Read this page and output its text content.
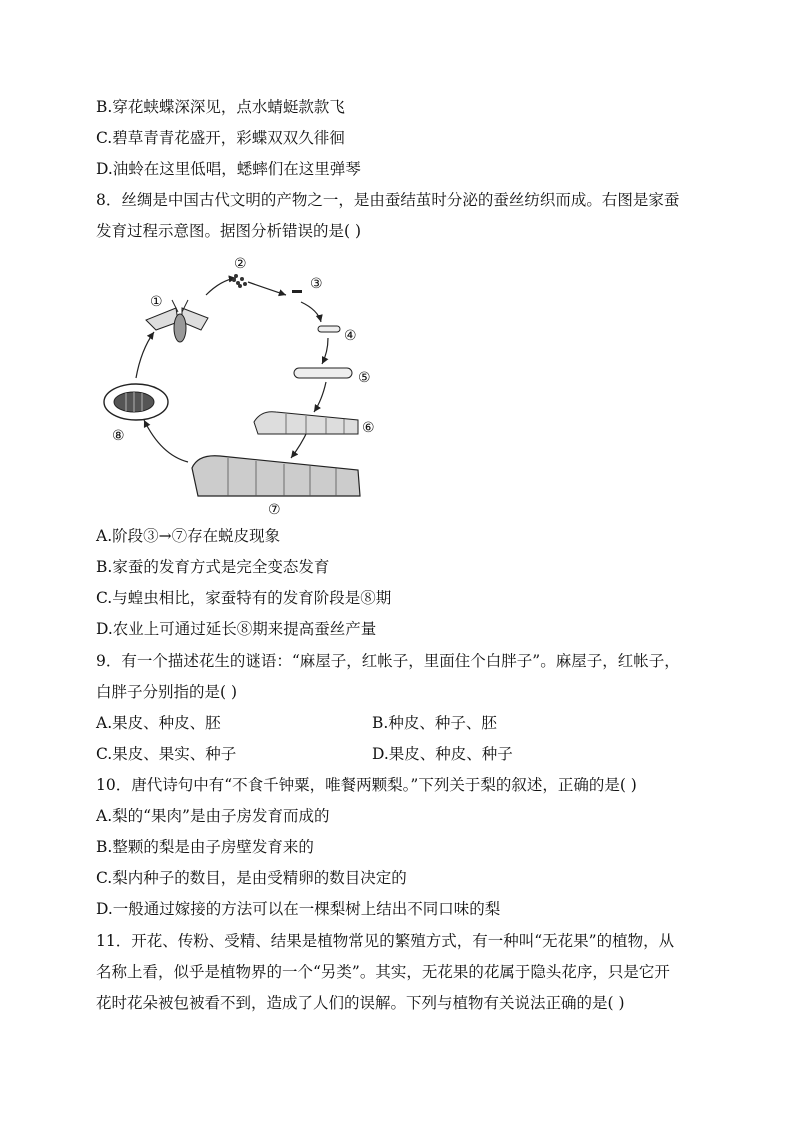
B.穿花蛱蝶深深见，点水蜻蜓款款飞
C.碧草青青花盛开，彩蝶双双久徘徊
D.油蛉在这里低唱，蟋蟀们在这里弹琴
8．丝绸是中国古代文明的产物之一，是由蚕结茧时分泌的蚕丝纺织而成。右图是家蚕
发育过程示意图。据图分析错误的是( )
①
②
③
④
⑤
⑥
⑦
⑧
A.阶段③→⑦存在蜕皮现象
B.家蚕的发育方式是完全变态发育
C.与蝗虫相比，家蚕特有的发育阶段是⑧期
D.农业上可通过延长⑧期来提高蚕丝产量
9．有一个描述花生的谜语：“麻屋子，红帐子，里面住个白胖子”。麻屋子，红帐子，
白胖子分别指的是( )
A.果皮、种皮、胚	B.种皮、种子、胚
C.果皮、果实、种子	D.果皮、种皮、种子
10．唐代诗句中有“不食千钟粟，唯餐两颗梨。”下列关于梨的叙述，正确的是( )
A.梨的“果肉”是由子房发育而成的
B.整颗的梨是由子房壁发育来的
C.梨内种子的数目，是由受精卵的数目决定的
D.一般通过嫁接的方法可以在一棵梨树上结出不同口味的梨
11．开花、传粉、受精、结果是植物常见的繁殖方式，有一种叫“无花果”的植物，从
名称上看，似乎是植物界的一个“另类”。其实，无花果的花属于隐头花序，只是它开
花时花朵被包被看不到，造成了人们的误解。下列与植物有关说法正确的是( )
